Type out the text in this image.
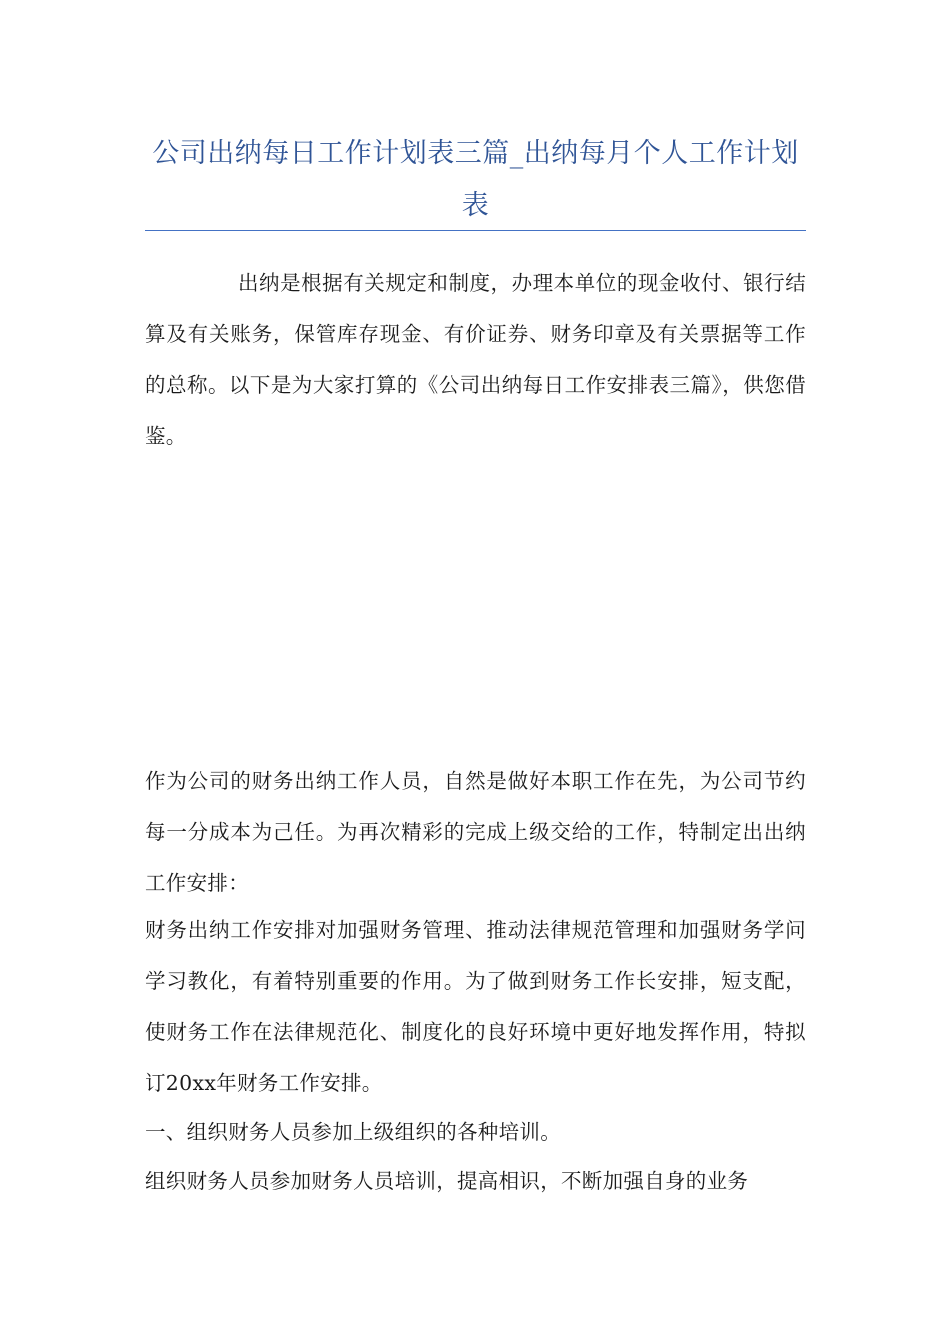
公司出纳每日工作计划表三篇_出纳每月个人工作计划表

出纳是根据有关规定和制度，办理本单位的现金收付、银行结算及有关账务，保管库存现金、有价证券、财务印章及有关票据等工作的总称。以下是为大家打算的《公司出纳每日工作安排表三篇》，供您借鉴。

作为公司的财务出纳工作人员，自然是做好本职工作在先，为公司节约每一分成本为己任。为再次精彩的完成上级交给的工作，特制定出出纳工作安排：

财务出纳工作安排对加强财务管理、推动法律规范管理和加强财务学问学习教化，有着特别重要的作用。为了做到财务工作长安排，短支配，使财务工作在法律规范化、制度化的良好环境中更好地发挥作用，特拟订20xx年财务工作安排。

一、组织财务人员参加上级组织的各种培训。

组织财务人员参加财务人员培训，提高相识，不断加强自身的业务
